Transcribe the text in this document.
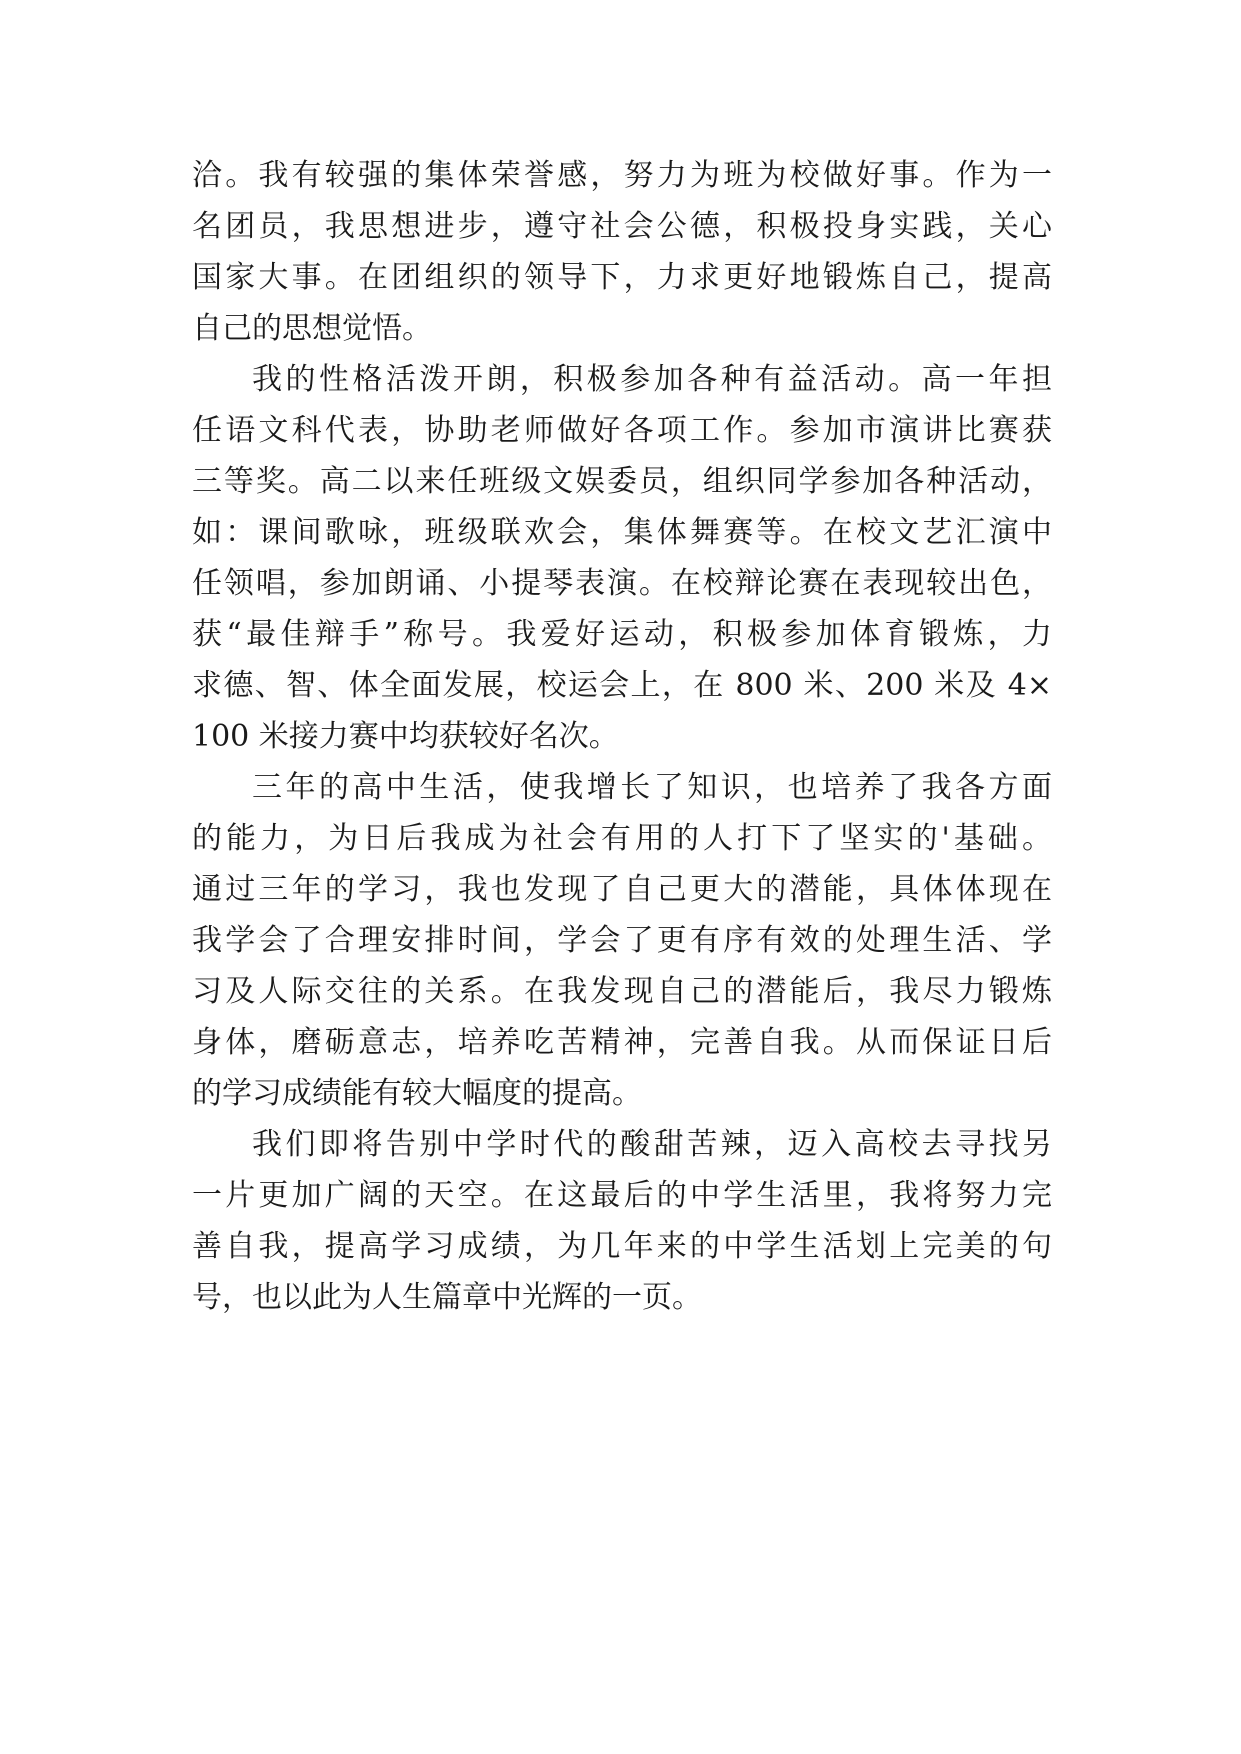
洽。我有较强的集体荣誉感，努力为班为校做好事。作为一
名团员，我思想进步，遵守社会公德，积极投身实践，关心
国家大事。在团组织的领导下，力求更好地锻炼自己，提高
自己的思想觉悟。
我的性格活泼开朗，积极参加各种有益活动。高一年担
任语文科代表，协助老师做好各项工作。参加市演讲比赛获
三等奖。高二以来任班级文娱委员，组织同学参加各种活动，
如：课间歌咏，班级联欢会，集体舞赛等。在校文艺汇演中
任领唱，参加朗诵、小提琴表演。在校辩论赛在表现较出色，
获“最佳辩手”称号。我爱好运动，积极参加体育锻炼，力
求德、智、体全面发展，校运会上，在 800 米、200 米及 4×
100 米接力赛中均获较好名次。
三年的高中生活，使我增长了知识，也培养了我各方面
的能力，为日后我成为社会有用的人打下了坚实的'基础。
通过三年的学习，我也发现了自己更大的潜能，具体体现在
我学会了合理安排时间，学会了更有序有效的处理生活、学
习及人际交往的关系。在我发现自己的潜能后，我尽力锻炼
身体，磨砺意志，培养吃苦精神，完善自我。从而保证日后
的学习成绩能有较大幅度的提高。
我们即将告别中学时代的酸甜苦辣，迈入高校去寻找另
一片更加广阔的天空。在这最后的中学生活里，我将努力完
善自我，提高学习成绩，为几年来的中学生活划上完美的句
号，也以此为人生篇章中光辉的一页。
